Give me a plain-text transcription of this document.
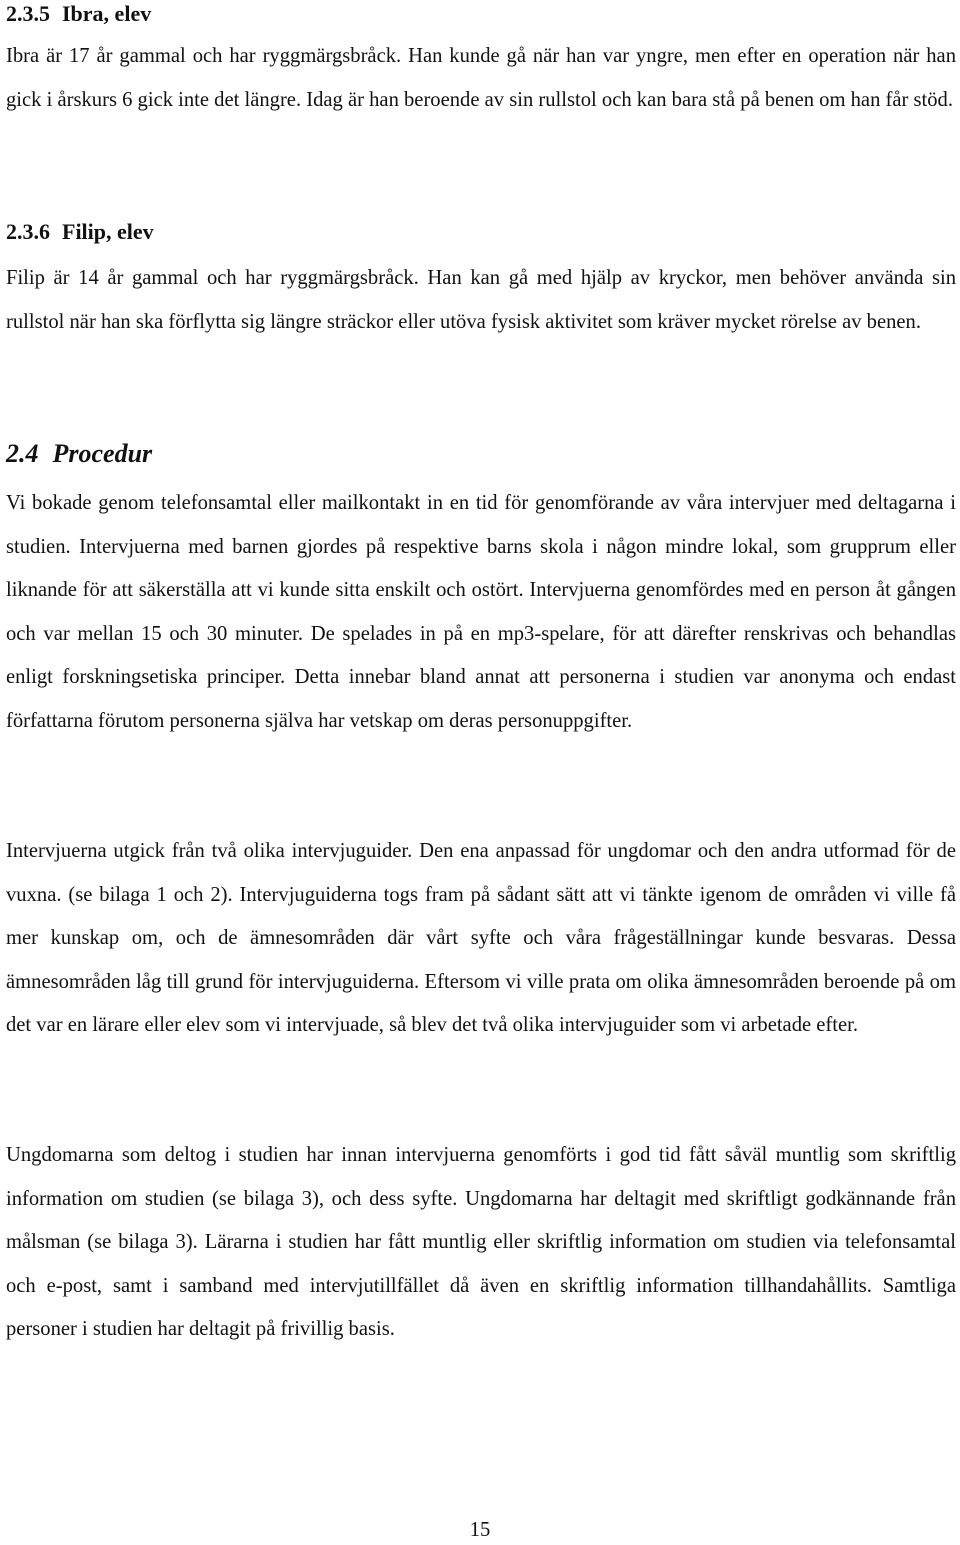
2.3.5 Ibra, elev

Ibra är 17 år gammal och har ryggmärgsbråck. Han kunde gå när han var yngre, men efter en operation när han gick i årskurs 6 gick inte det längre. Idag är han beroende av sin rullstol och kan bara stå på benen om han får stöd.

2.3.6 Filip, elev

Filip är 14 år gammal och har ryggmärgsbråck. Han kan gå med hjälp av kryckor, men behöver använda sin rullstol när han ska förflytta sig längre sträckor eller utöva fysisk aktivitet som kräver mycket rörelse av benen.

2.4 Procedur

Vi bokade genom telefonsamtal eller mailkontakt in en tid för genomförande av våra intervjuer med deltagarna i studien. Intervjuerna med barnen gjordes på respektive barns skola i någon mindre lokal, som grupprum eller liknande för att säkerställa att vi kunde sitta enskilt och ostört. Intervjuerna genomfördes med en person åt gången och var mellan 15 och 30 minuter. De spelades in på en mp3-spelare, för att därefter renskrivas och behandlas enligt forskningsetiska principer. Detta innebar bland annat att personerna i studien var anonyma och endast författarna förutom personerna själva har vetskap om deras personuppgifter.

Intervjuerna utgick från två olika intervjuguider. Den ena anpassad för ungdomar och den andra utformad för de vuxna. (se bilaga 1 och 2). Intervjuguiderna togs fram på sådant sätt att vi tänkte igenom de områden vi ville få mer kunskap om, och de ämnesområden där vårt syfte och våra frågeställningar kunde besvaras. Dessa ämnesområden låg till grund för intervjuguiderna. Eftersom vi ville prata om olika ämnesområden beroende på om det var en lärare eller elev som vi intervjuade, så blev det två olika intervjuguider som vi arbetade efter.

Ungdomarna som deltog i studien har innan intervjuerna genomförts i god tid fått såväl muntlig som skriftlig information om studien (se bilaga 3), och dess syfte. Ungdomarna har deltagit med skriftligt godkännande från målsman (se bilaga 3). Lärarna i studien har fått muntlig eller skriftlig information om studien via telefonsamtal och e-post, samt i samband med intervjutillfället då även en skriftlig information tillhandahållits. Samtliga personer i studien har deltagit på frivillig basis.

15
